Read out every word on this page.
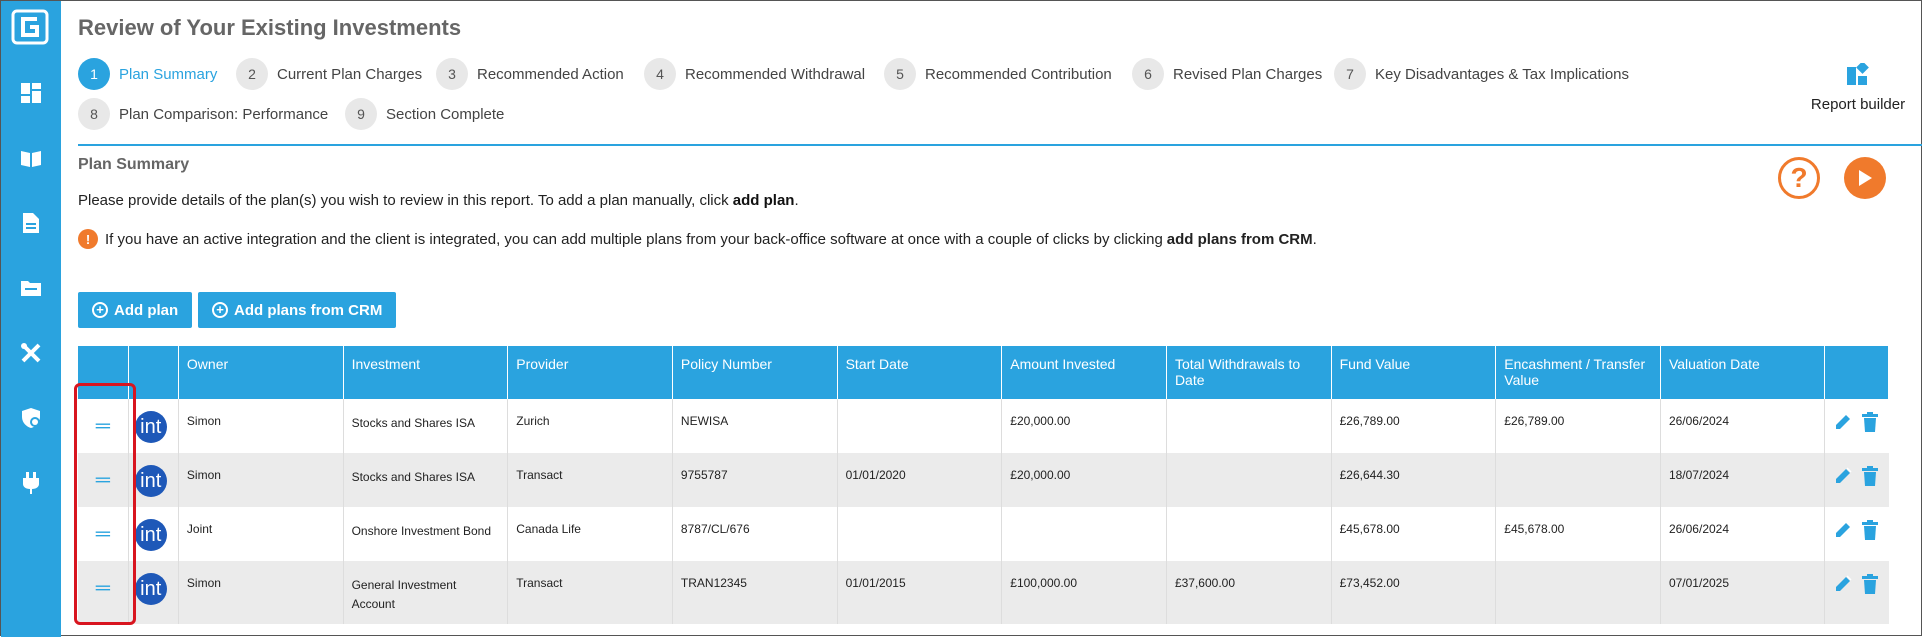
Review of Your Existing Investments
1	Plan Summary	2	Current Plan Charges	3	Recommended Action	4	Recommended Withdrawal	5	Recommended Contribution	6	Revised Plan Charges	7	Key Disadvantages & Tax Implications
8	Plan Comparison: Performance	9	Section Complete
Report builder
Plan Summary
Please provide details of the plan(s) you wish to review in this report. To add a plan manually, click add plan.
! If you have an active integration and the client is integrated, you can add multiple plans from your back-office software at once with a couple of clicks by clicking add plans from CRM .
?
+ Add plan	+ Add plans from CRM
		Owner	Investment	Provider	Policy Number	Start Date	Amount Invested	Total Withdrawals to Date	Fund Value	Encashment / Transfer Value	Valuation Date	

═	int	Simon	Stocks and Shares ISA	Zurich	NEWISA		£20,000.00		£26,789.00	£26,789.00	26/06/2024	

═	int	Simon	Stocks and Shares ISA	Transact	9755787	01/01/2020	£20,000.00		£26,644.30		18/07/2024	

═	int	Joint	Onshore Investment Bond	Canada Life	8787/CL/676				£45,678.00	£45,678.00	26/06/2024	

═	int	Simon	General Investment Account	Transact	TRAN12345	01/01/2015	£100,000.00	£37,600.00	£73,452.00		07/01/2025	
